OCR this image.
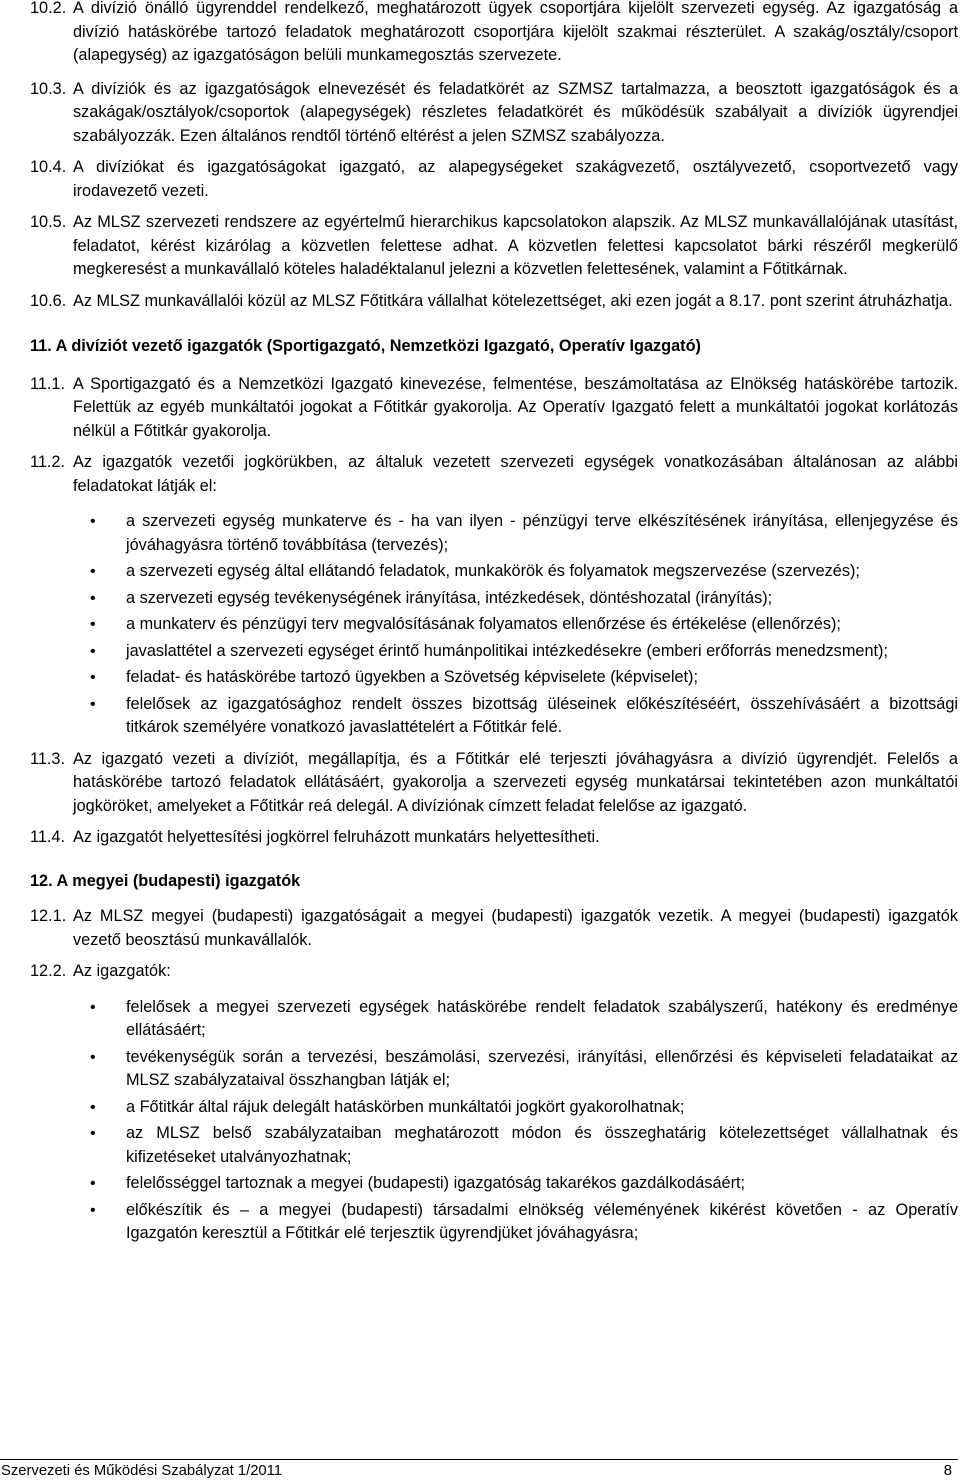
10.2. A divízió önálló ügyrenddel rendelkező, meghatározott ügyek csoportjára kijelölt szervezeti egység. Az igazgatóság a divízió hatáskörébe tartozó feladatok meghatározott csoportjára kijelölt szakmai részterület. A szakág/osztály/csoport (alapegység) az igazgatóságon belüli munkamegosztás szervezete.

10.3. A divíziók és az igazgatóságok elnevezését és feladatkörét az SZMSZ tartalmazza, a beosztott igazgatóságok és a szakágak/osztályok/csoportok (alapegységek) részletes feladatkörét és működésük szabályait a divíziók ügyrendjei szabályozzák. Ezen általános rendtől történő eltérést a jelen SZMSZ szabályozza.

10.4. A divíziókat és igazgatóságokat igazgató, az alapegységeket szakágvezető, osztályvezető, csoportvezető vagy irodavezető vezeti.

10.5. Az MLSZ szervezeti rendszere az egyértelmű hierarchikus kapcsolatokon alapszik. Az MLSZ munkavállalójának utasítást, feladatot, kérést kizárólag a közvetlen felettese adhat. A közvetlen felettesi kapcsolatot bárki részéről megkerülő megkeresést a munkavállaló köteles haladéktalanul jelezni a közvetlen felettesének, valamint a Főtitkárnak.

10.6. Az MLSZ munkavállalói közül az MLSZ Főtitkára vállalhat kötelezettséget, aki ezen jogát a 8.17. pont szerint átruházhatja.

11. A divíziót vezető igazgatók (Sportigazgató, Nemzetközi Igazgató, Operatív Igazgató)

11.1. A Sportigazgató és a Nemzetközi Igazgató kinevezése, felmentése, beszámoltatása az Elnökség hatáskörébe tartozik. Felettük az egyéb munkáltatói jogokat a Főtitkár gyakorolja. Az Operatív Igazgató felett a munkáltatói jogokat korlátozás nélkül a Főtitkár gyakorolja.

11.2. Az igazgatók vezetői jogkörükben, az általuk vezetett szervezeti egységek vonatkozásában általánosan az alábbi feladatokat látják el:

• a szervezeti egység munkaterve és - ha van ilyen - pénzügyi terve elkészítésének irányítása, ellenjegyzése és jóváhagyásra történő továbbítása (tervezés);
• a szervezeti egység által ellátandó feladatok, munkakörök és folyamatok megszervezése (szervezés);
• a szervezeti egység tevékenységének irányítása, intézkedések, döntéshozatal (irányítás);
• a munkaterv és pénzügyi terv megvalósításának folyamatos ellenőrzése és értékelése (ellenőrzés);
• javaslattétel a szervezeti egységet érintő humánpolitikai intézkedésekre (emberi erőforrás menedzsment);
• feladat- és hatáskörébe tartozó ügyekben a Szövetség képviselete (képviselet);
• felelősek az igazgatósághoz rendelt összes bizottság üléseinek előkészítéséért, összehívásáért a bizottsági titkárok személyére vonatkozó javaslattételért a Főtitkár felé.

11.3. Az igazgató vezeti a divíziót, megállapítja, és a Főtitkár elé terjeszti jóváhagyásra a divízió ügyrendjét. Felelős a hatáskörébe tartozó feladatok ellátásáért, gyakorolja a szervezeti egység munkatársai tekintetében azon munkáltatói jogköröket, amelyeket a Főtitkár reá delegál. A divíziónak címzett feladat felelőse az igazgató.

11.4. Az igazgatót helyettesítési jogkörrel felruházott munkatárs helyettesítheti.

12. A megyei (budapesti) igazgatók

12.1. Az MLSZ megyei (budapesti) igazgatóságait a megyei (budapesti) igazgatók vezetik. A megyei (budapesti) igazgatók vezető beosztású munkavállalók.

12.2. Az igazgatók:

• felelősek a megyei szervezeti egységek hatáskörébe rendelt feladatok szabályszerű, hatékony és eredménye ellátásáért;
• tevékenységük során a tervezési, beszámolási, szervezési, irányítási, ellenőrzési és képviseleti feladataikat az MLSZ szabályzataival összhangban látják el;
• a Főtitkár által rájuk delegált hatáskörben munkáltatói jogkört gyakorolhatnak;
• az MLSZ belső szabályzataiban meghatározott módon és összeghatárig kötelezettséget vállalhatnak és kifizetéseket utalványozhatnak;
• felelősséggel tartoznak a megyei (budapesti) igazgatóság takarékos gazdálkodásáért;
• előkészítik és – a megyei (budapesti) társadalmi elnökség véleményének kikérést követően - az Operatív Igazgatón keresztül a Főtitkár elé terjesztik ügyrendjüket jóváhagyásra;
Szervezeti és Működési Szabályzat 1/2011	8
